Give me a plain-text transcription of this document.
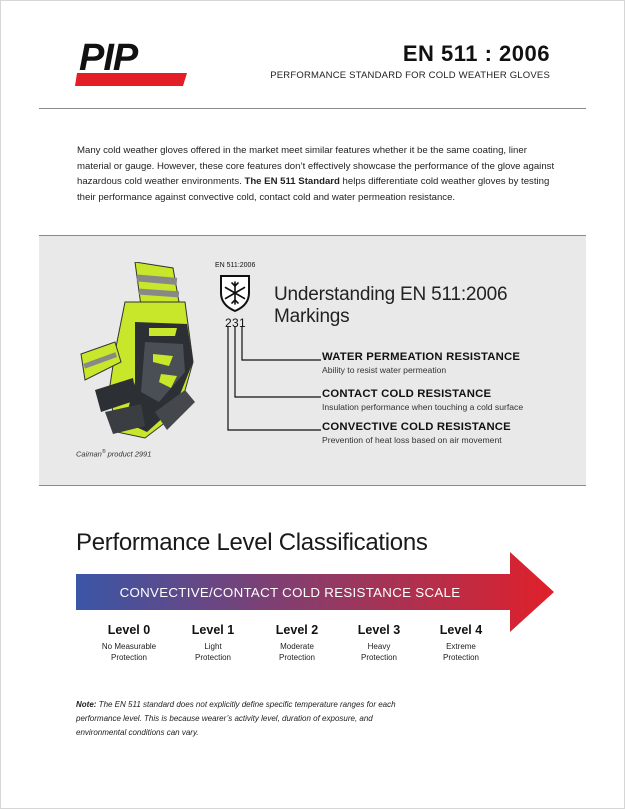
PIP	EN 511 : 2006
PERFORMANCE STANDARD FOR COLD WEATHER GLOVES

Many cold weather gloves offered in the market meet similar features whether it be the same coating, liner material or gauge. However, these core features don’t effectively showcase the performance of the glove against hazardous cold weather environments. The EN 511 Standard helps differentiate cold weather gloves by testing their performance against convective cold, contact cold and water permeation resistance.

Caiman® product 2991
EN 511:2006
231
Understanding EN 511:2006 Markings
WATER PERMEATION RESISTANCE
Ability to resist water permeation
CONTACT COLD RESISTANCE
Insulation performance when touching a cold surface
CONVECTIVE COLD RESISTANCE
Prevention of heat loss based on air movement
Performance Level Classifications
CONVECTIVE/CONTACT COLD RESISTANCE SCALE
Level 0
No Measurable
Protection
Level 1
Light
Protection
Level 2
Moderate
Protection
Level 3
Heavy
Protection
Level 4
Extreme
Protection

Note: The EN 511 standard does not explicitly define specific temperature ranges for each performance level. This is because wearer’s activity level, duration of exposure, and environmental conditions can vary.
